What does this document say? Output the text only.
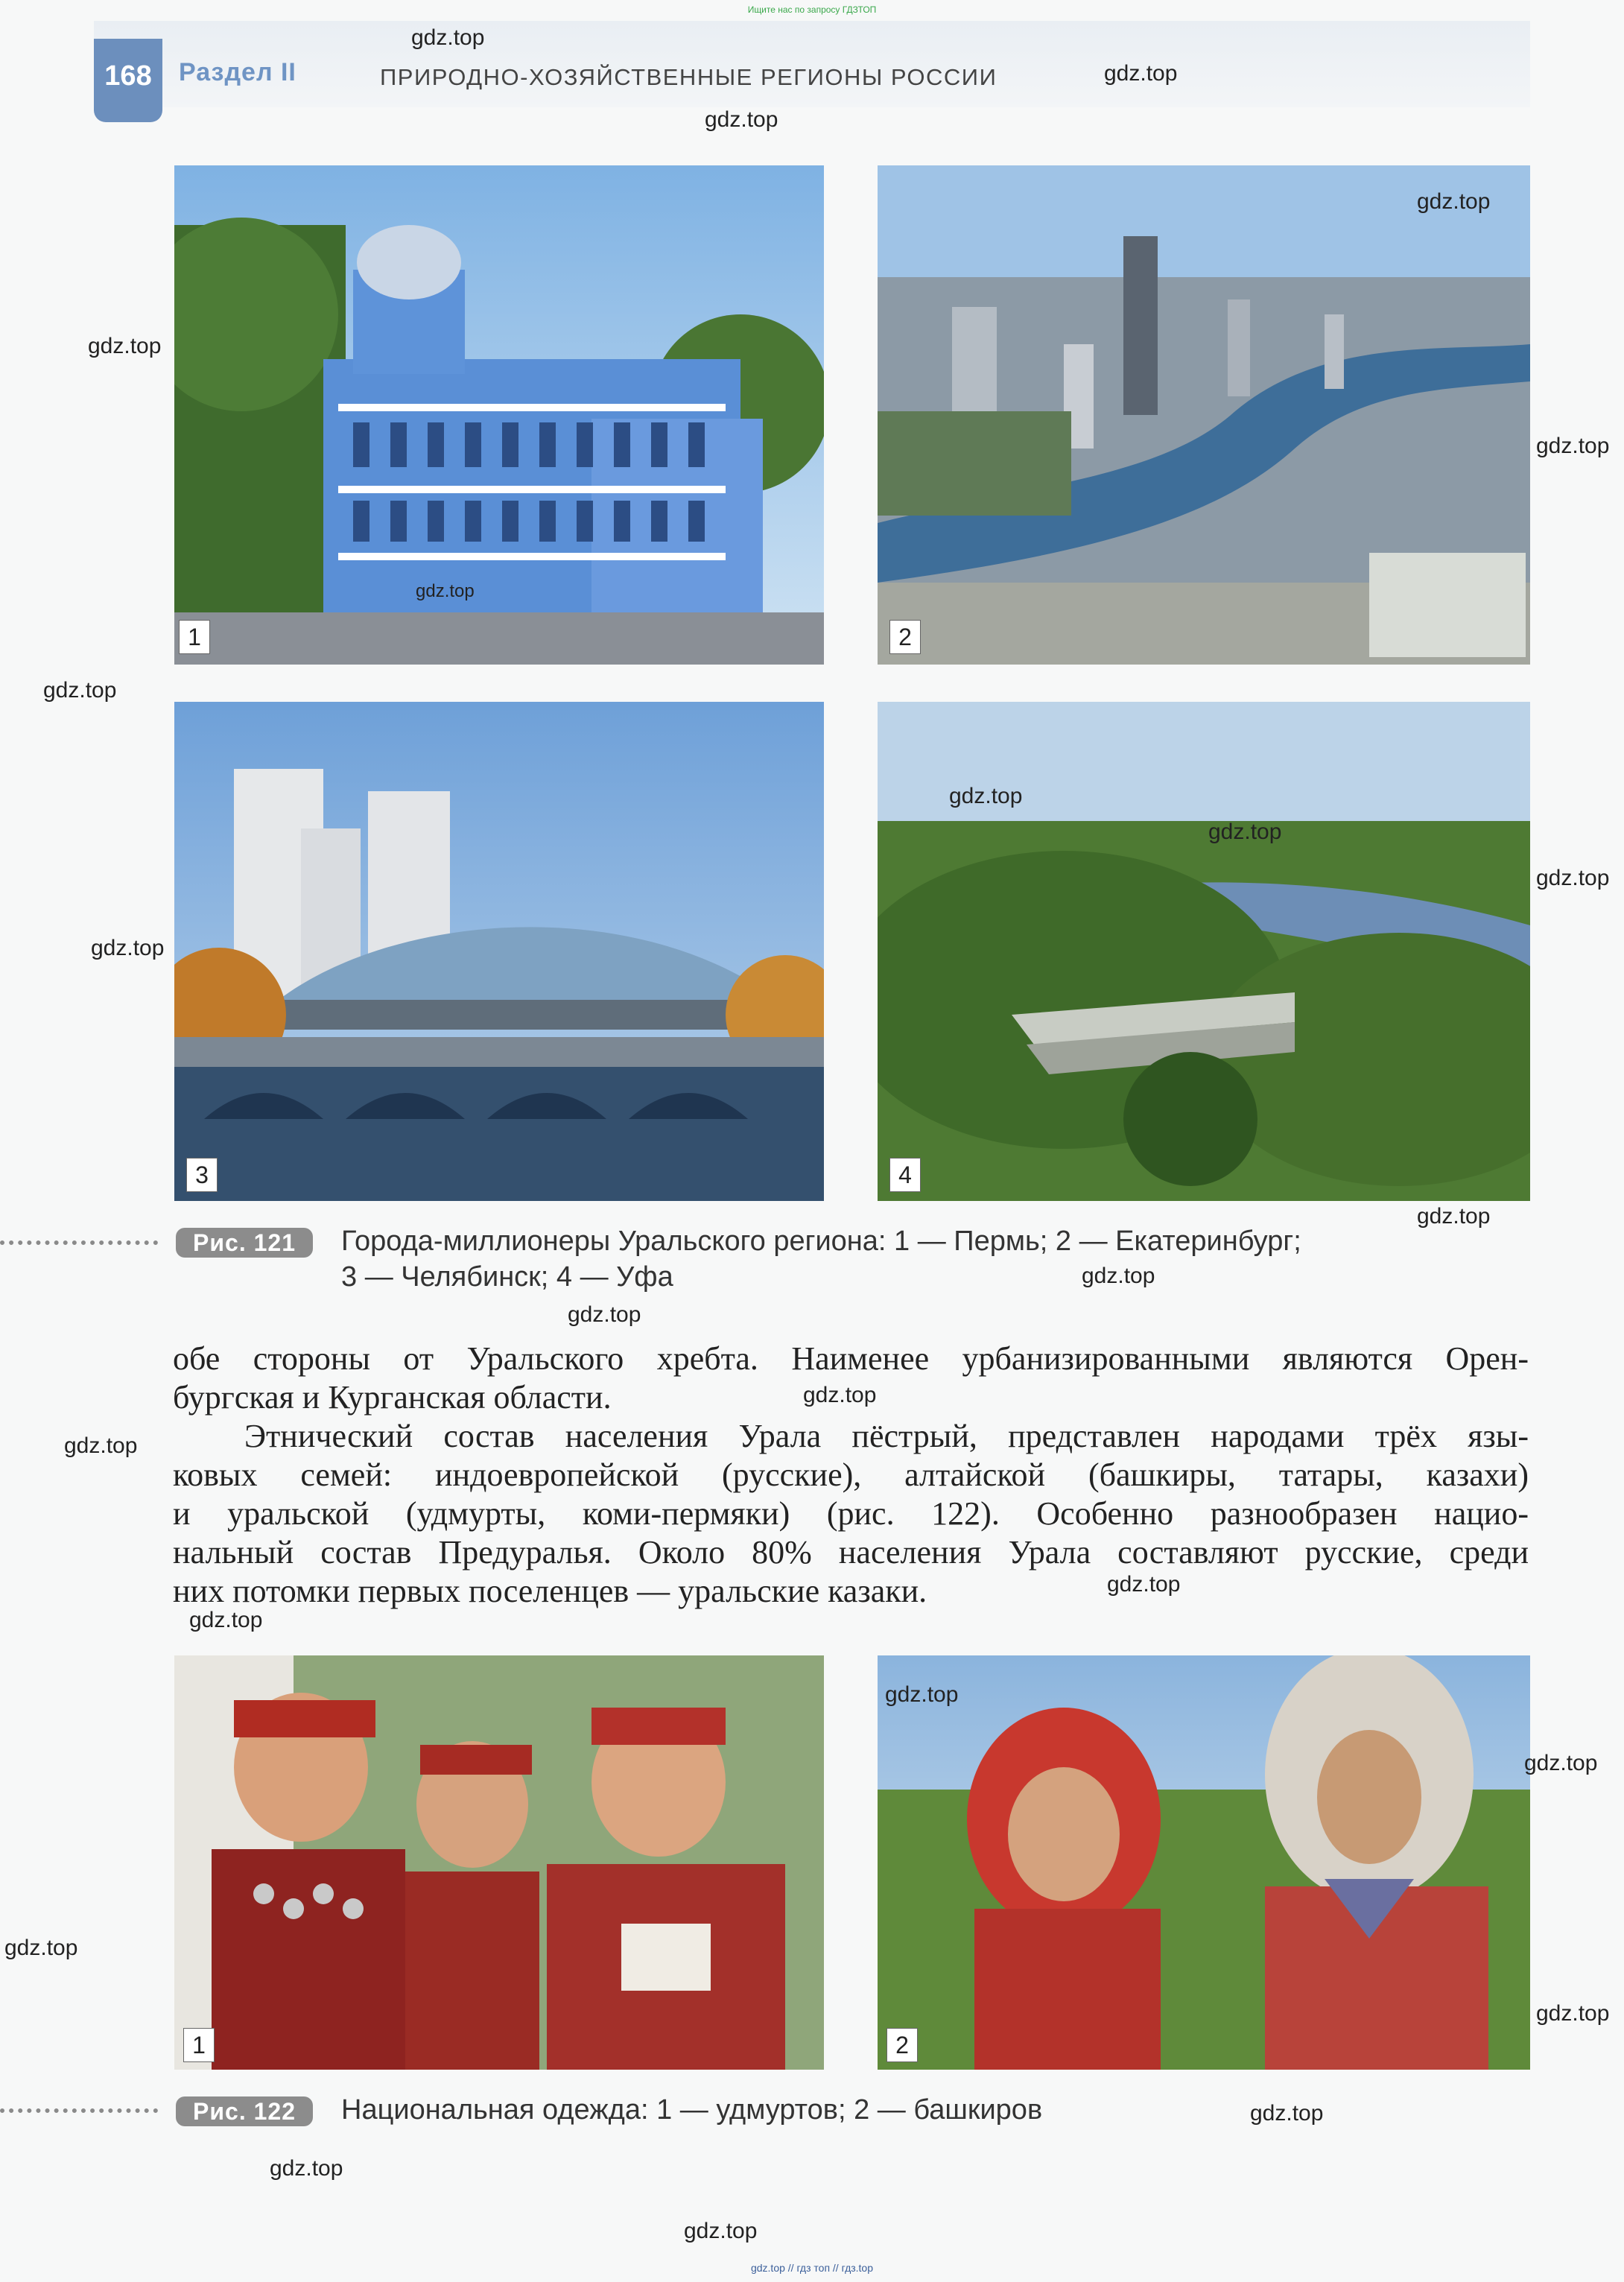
Ищите нас по запросу ГДЗТОП
168	Раздел II	ПРИРОДНО-ХОЗЯЙСТВЕННЫЕ РЕГИОНЫ РОССИИ
1	2
3	4
Рис. 121	Города-миллионеры Уральского региона: 1 — Пермь; 2 — Екатеринбург;
3 — Челябинск; 4 — Уфа

обе стороны от Уральского хребта. Наименее урбанизированными являются Орен-

бургская и Курганская области.

Этнический состав населения Урала пёстрый, представлен народами трёх язы-

ковых семей: индоевропейской (русские), алтайской (башкиры, татары, казахи)

и уральской (удмурты, коми-пермяки) (рис. 122). Особенно разнообразен нацио-

нальный состав Предуралья. Около 80% населения Урала составляют русские, среди

них потомки первых поселенцев — уральские казаки.

1	2
Рис. 122	Национальная одежда: 1 — удмуртов; 2 — башкиров
gdz.top
gdz.top
gdz.top
gdz.top
gdz.top
gdz.top
gdz.top
gdz.top
gdz.top
gdz.top
gdz.top
gdz.top
gdz.top
gdz.top
gdz.top
gdz.top
gdz.top
gdz.top
gdz.top
gdz.top
gdz.top
gdz.top
gdz.top
gdz.top
gdz.top
gdz.top
gdz.top // гдз топ // гдз.top
